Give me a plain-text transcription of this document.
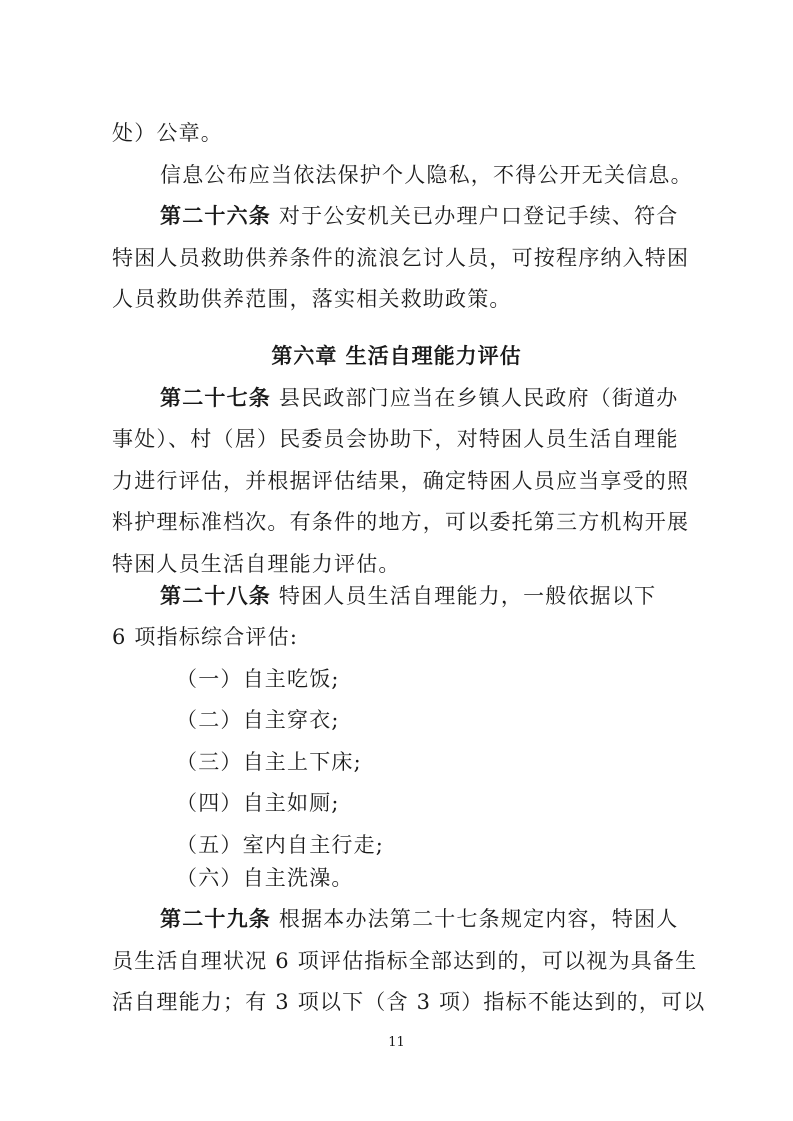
处）公章。
信息公布应当依法保护个人隐私，不得公开无关信息。
第二十六条 对于公安机关已办理户口登记手续、符合
特困人员救助供养条件的流浪乞讨人员，可按程序纳入特困
人员救助供养范围，落实相关救助政策。
第六章 生活自理能力评估
第二十七条 县民政部门应当在乡镇人民政府（街道办
事处）、村（居）民委员会协助下，对特困人员生活自理能
力进行评估，并根据评估结果，确定特困人员应当享受的照
料护理标准档次。有条件的地方，可以委托第三方机构开展
特困人员生活自理能力评估。
第二十八条 特困人员生活自理能力，一般依据以下
6 项指标综合评估:
（一）自主吃饭;
（二）自主穿衣;
（三）自主上下床;
（四）自主如厕;
（五）室内自主行走;
（六）自主洗澡。
第二十九条 根据本办法第二十七条规定内容，特困人
员生活自理状况 6 项评估指标全部达到的，可以视为具备生
活自理能力；有 3 项以下（含 3 项）指标不能达到的，可以
11
